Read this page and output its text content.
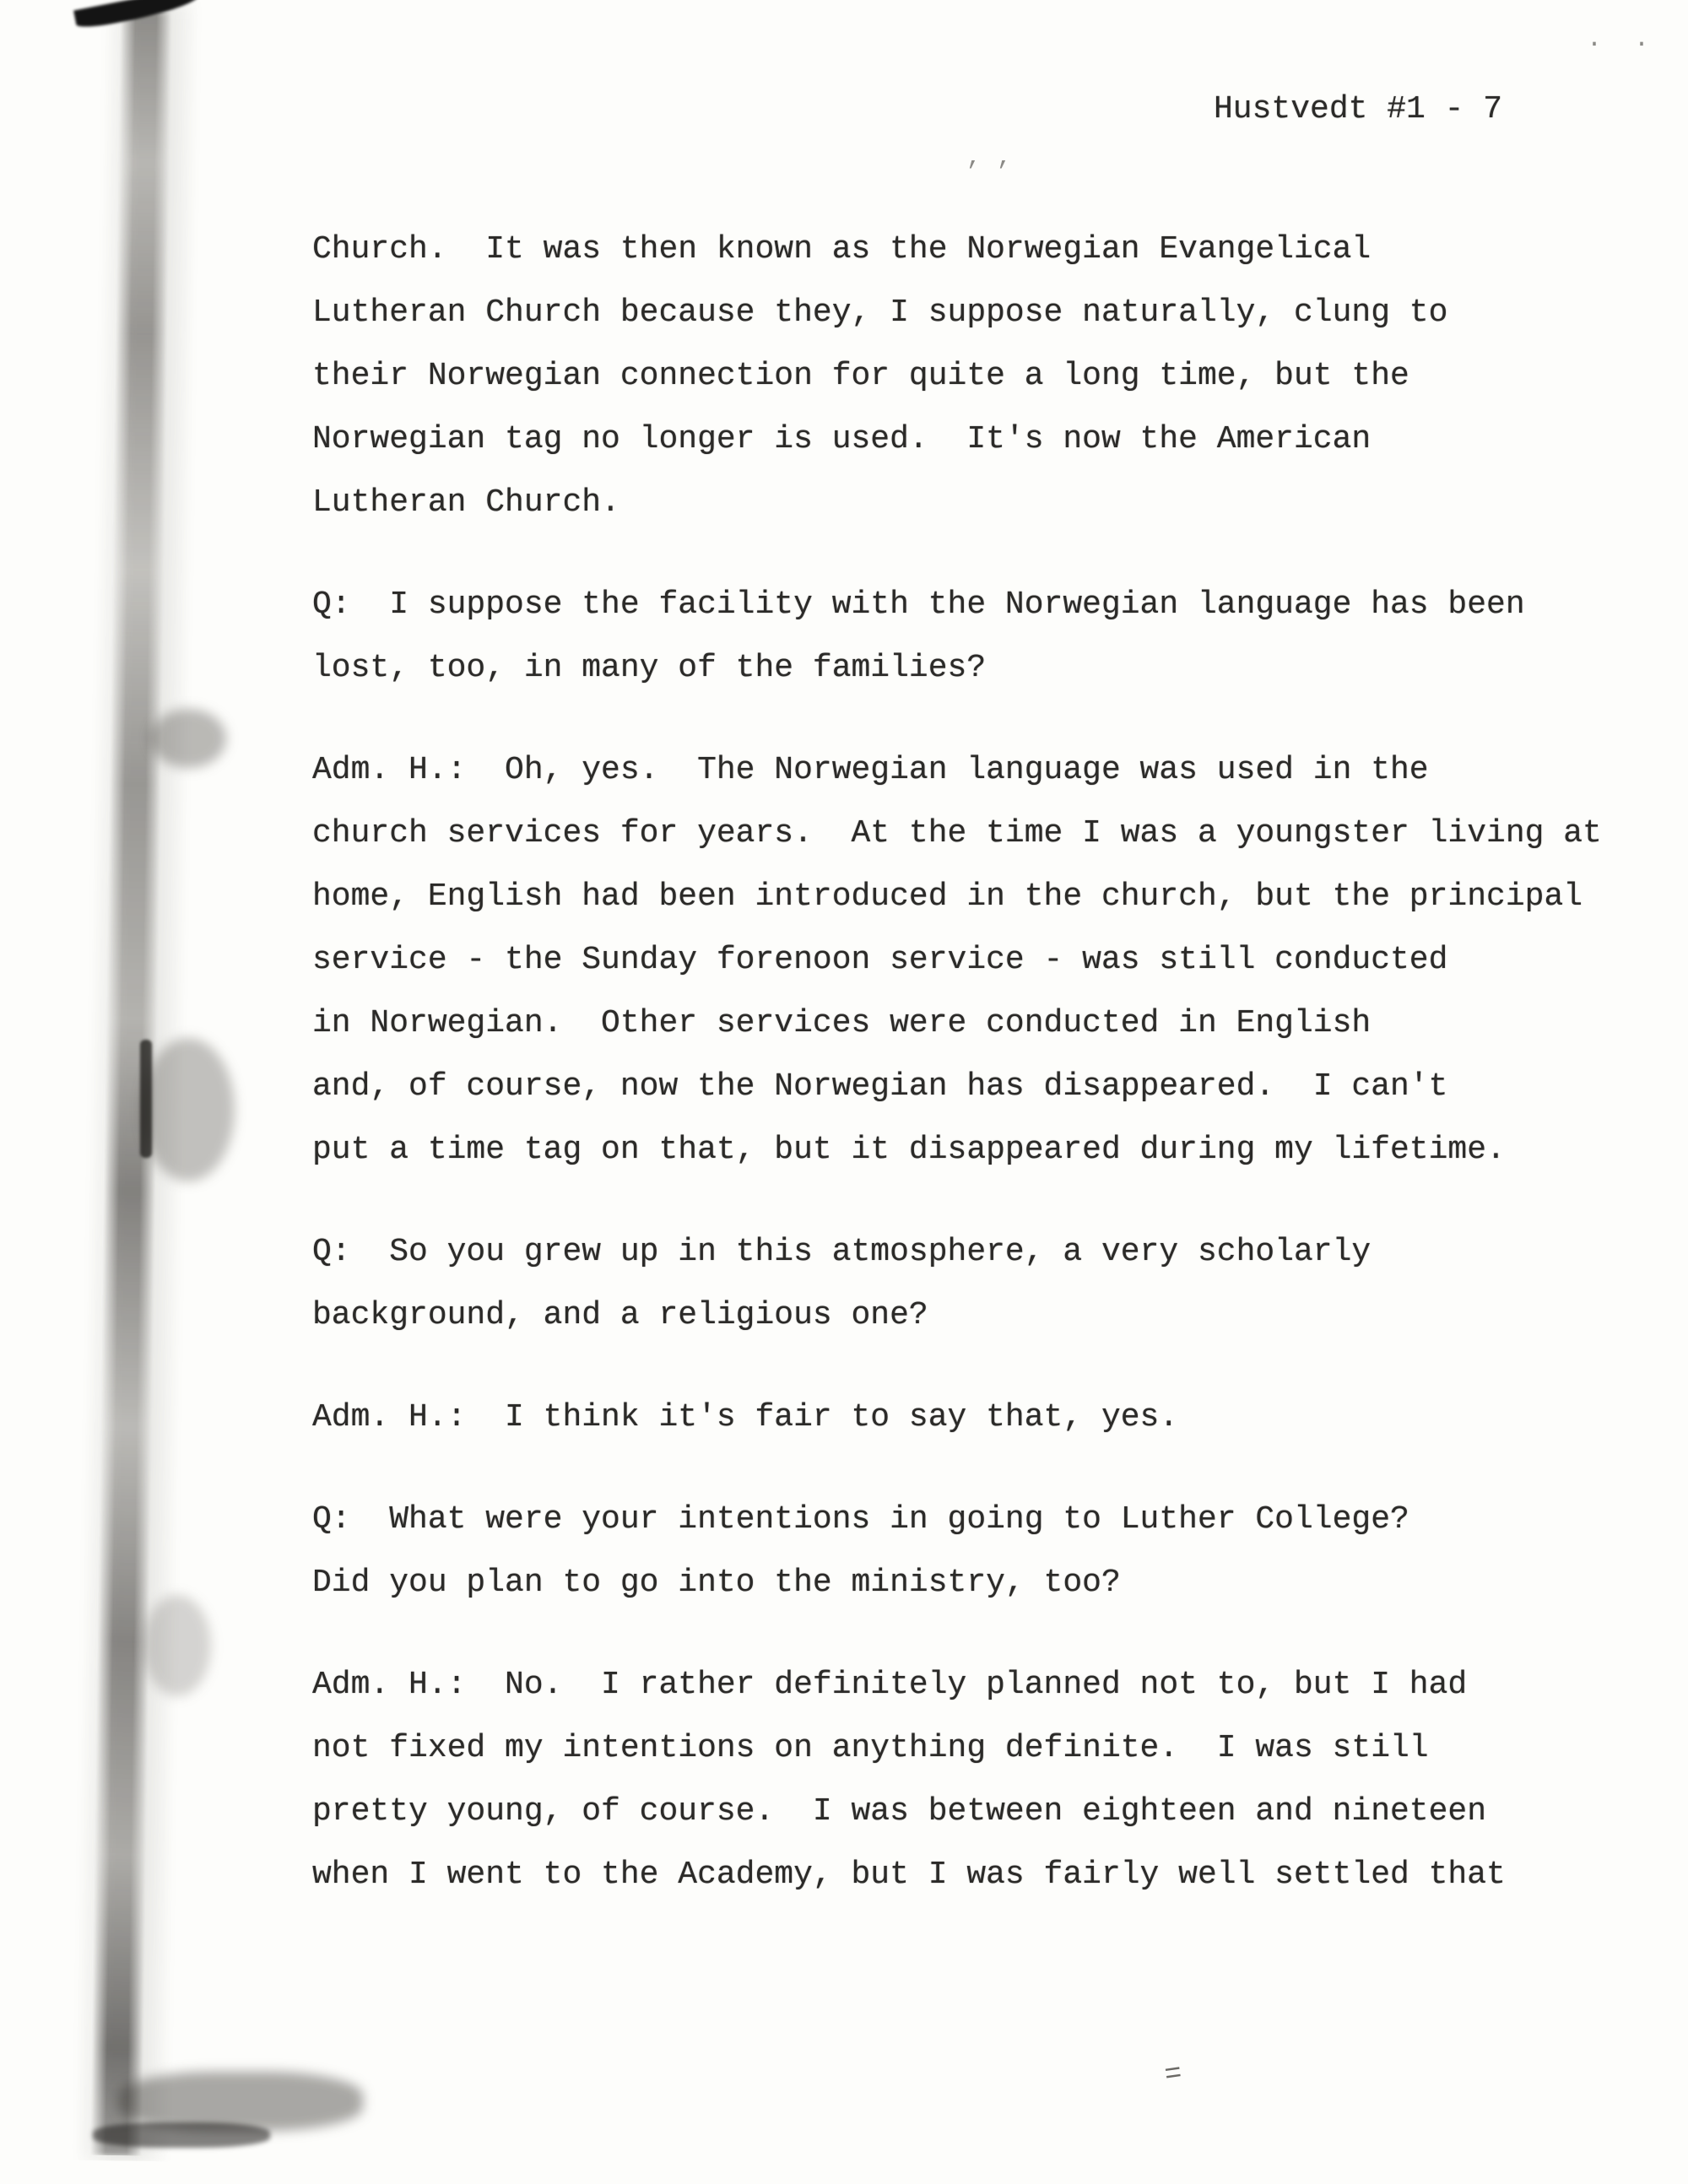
. .
, ,
=
Hustvedt #1 - 7
Church.  It was then known as the Norwegian Evangelical
Lutheran Church because they, I suppose naturally, clung to
their Norwegian connection for quite a long time, but the
Norwegian tag no longer is used.  It's now the American
Lutheran Church.
Q:  I suppose the facility with the Norwegian language has been
lost, too, in many of the families?
Adm. H.:  Oh, yes.  The Norwegian language was used in the
church services for years.  At the time I was a youngster living at
home, English had been introduced in the church, but the principal
service - the Sunday forenoon service - was still conducted
in Norwegian.  Other services were conducted in English
and, of course, now the Norwegian has disappeared.  I can't
put a time tag on that, but it disappeared during my lifetime.
Q:  So you grew up in this atmosphere, a very scholarly
background, and a religious one?
Adm. H.:  I think it's fair to say that, yes.
Q:  What were your intentions in going to Luther College?
Did you plan to go into the ministry, too?
Adm. H.:  No.  I rather definitely planned not to, but I had
not fixed my intentions on anything definite.  I was still
pretty young, of course.  I was between eighteen and nineteen
when I went to the Academy, but I was fairly well settled that
